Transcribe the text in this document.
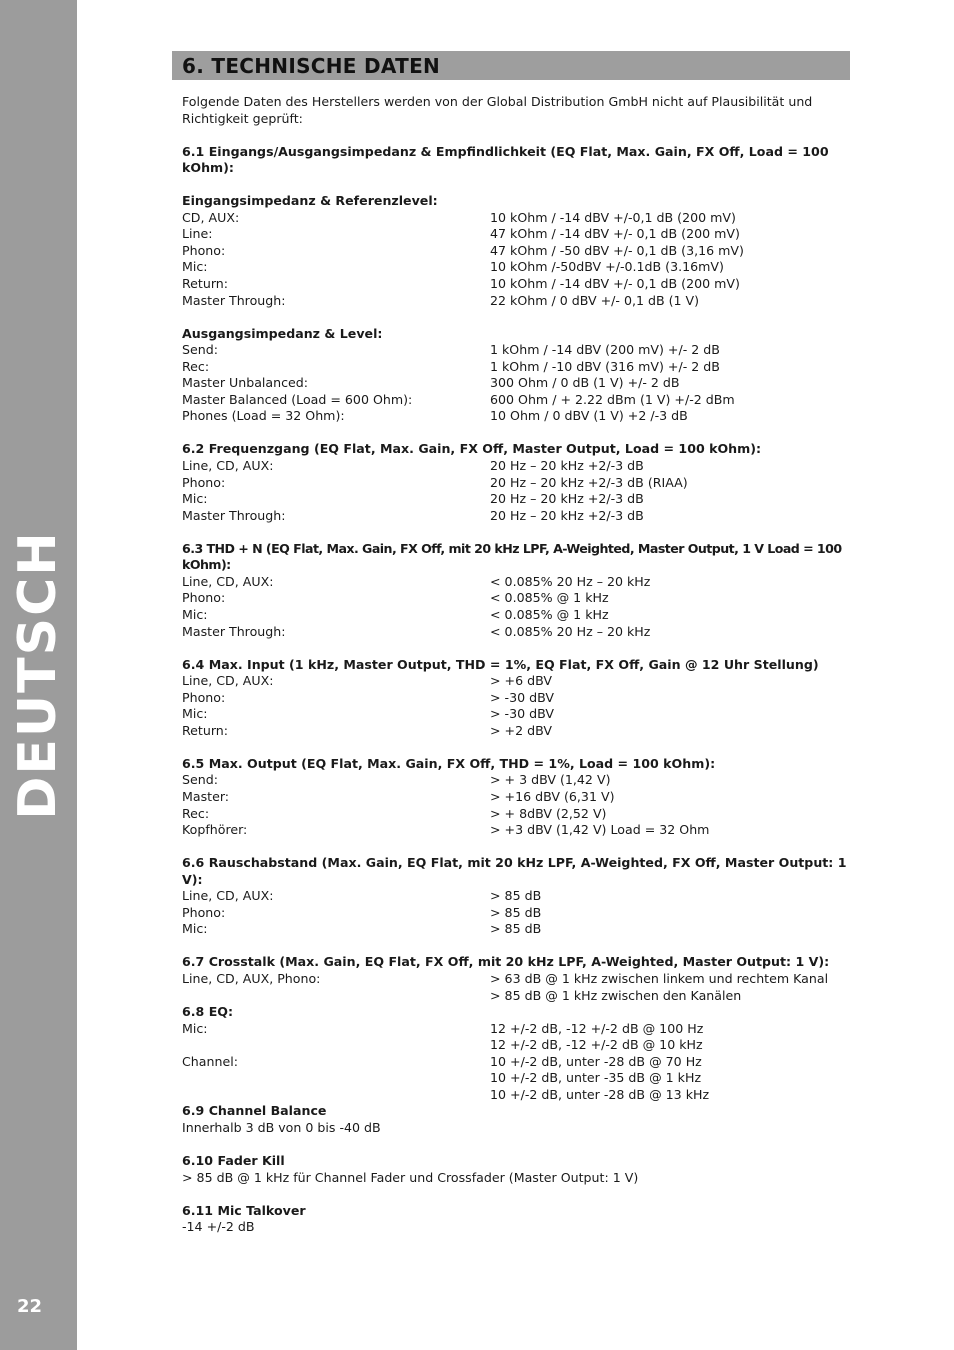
DEUTSCH
22
6. TECHNISCHE DATEN

Folgende Daten des Herstellers werden von der Global Distribution GmbH nicht auf Plausibilität und Richtigkeit geprüft:

6.1 Eingangs/Ausgangsimpedanz & Empfindlichkeit (EQ Flat, Max. Gain, FX Off, Load = 100 kOhm):

Eingangsimpedanz & Referenzlevel:

CD, AUX:	10 kOhm / -14 dBV +/-0,1 dB (200 mV)
Line:	47 kOhm / -14 dBV +/- 0,1 dB (200 mV)
Phono:	47 kOhm / -50 dBV +/- 0,1 dB (3,16 mV)
Mic:	10 kOhm /-50dBV +/-0.1dB (3.16mV)
Return:	10 kOhm / -14 dBV +/- 0,1 dB (200 mV)
Master Through:	22 kOhm / 0 dBV +/- 0,1 dB (1 V)

Ausgangsimpedanz & Level:

Send:	1 kOhm / -14 dBV (200 mV) +/- 2 dB
Rec:	1 kOhm / -10 dBV (316 mV) +/- 2 dB
Master Unbalanced:	300 Ohm / 0 dB (1 V) +/- 2 dB
Master Balanced (Load = 600 Ohm):	600 Ohm / + 2.22 dBm (1 V) +/-2 dBm
Phones (Load = 32 Ohm):	10 Ohm / 0 dBV (1 V) +2 /-3 dB

6.2 Frequenzgang (EQ Flat, Max. Gain, FX Off, Master Output, Load = 100 kOhm):

Line, CD, AUX:	20 Hz – 20 kHz +2/-3 dB
Phono:	20 Hz – 20 kHz +2/-3 dB (RIAA)
Mic:	20 Hz – 20 kHz +2/-3 dB
Master Through:	20 Hz – 20 kHz +2/-3 dB

6.3 THD + N (EQ Flat, Max. Gain, FX Off, mit 20 kHz LPF, A-Weighted, Master Output, 1 V Load = 100 kOhm):

Line, CD, AUX:	< 0.085% 20 Hz – 20 kHz
Phono:	< 0.085% @ 1 kHz
Mic:	< 0.085% @ 1 kHz
Master Through:	< 0.085% 20 Hz – 20 kHz

6.4 Max. Input (1 kHz, Master Output, THD = 1%, EQ Flat, FX Off, Gain @ 12 Uhr Stellung)

Line, CD, AUX:	> +6 dBV
Phono:	> -30 dBV
Mic:	> -30 dBV
Return:	> +2 dBV

6.5 Max. Output (EQ Flat, Max. Gain, FX Off, THD = 1%, Load = 100 kOhm):

Send:	> + 3 dBV (1,42 V)
Master:	> +16 dBV (6,31 V)
Rec:	> + 8dBV (2,52 V)
Kopfhörer:	> +3 dBV (1,42 V) Load = 32 Ohm

6.6 Rauschabstand (Max. Gain, EQ Flat, mit 20 kHz LPF, A-Weighted, FX Off, Master Output: 1 V):

Line, CD, AUX:	> 85 dB
Phono:	> 85 dB
Mic:	> 85 dB

6.7 Crosstalk (Max. Gain, EQ Flat, FX Off, mit 20 kHz LPF, A-Weighted, Master Output: 1 V):

Line, CD, AUX, Phono:	> 63 dB @ 1 kHz zwischen linkem und rechtem Kanal
> 85 dB @ 1 kHz zwischen den Kanälen

6.8 EQ:

Mic:	12 +/-2 dB, -12 +/-2 dB @ 100 Hz
12 +/-2 dB, -12 +/-2 dB @ 10 kHz
Channel:	10 +/-2 dB, unter -28 dB @ 70 Hz
10 +/-2 dB, unter -35 dB @ 1 kHz
10 +/-2 dB, unter -28 dB @ 13 kHz

6.9 Channel Balance

Innerhalb 3 dB von 0 bis -40 dB

6.10 Fader Kill

> 85 dB @ 1 kHz für Channel Fader und Crossfader (Master Output: 1 V)

6.11 Mic Talkover

-14 +/-2 dB
